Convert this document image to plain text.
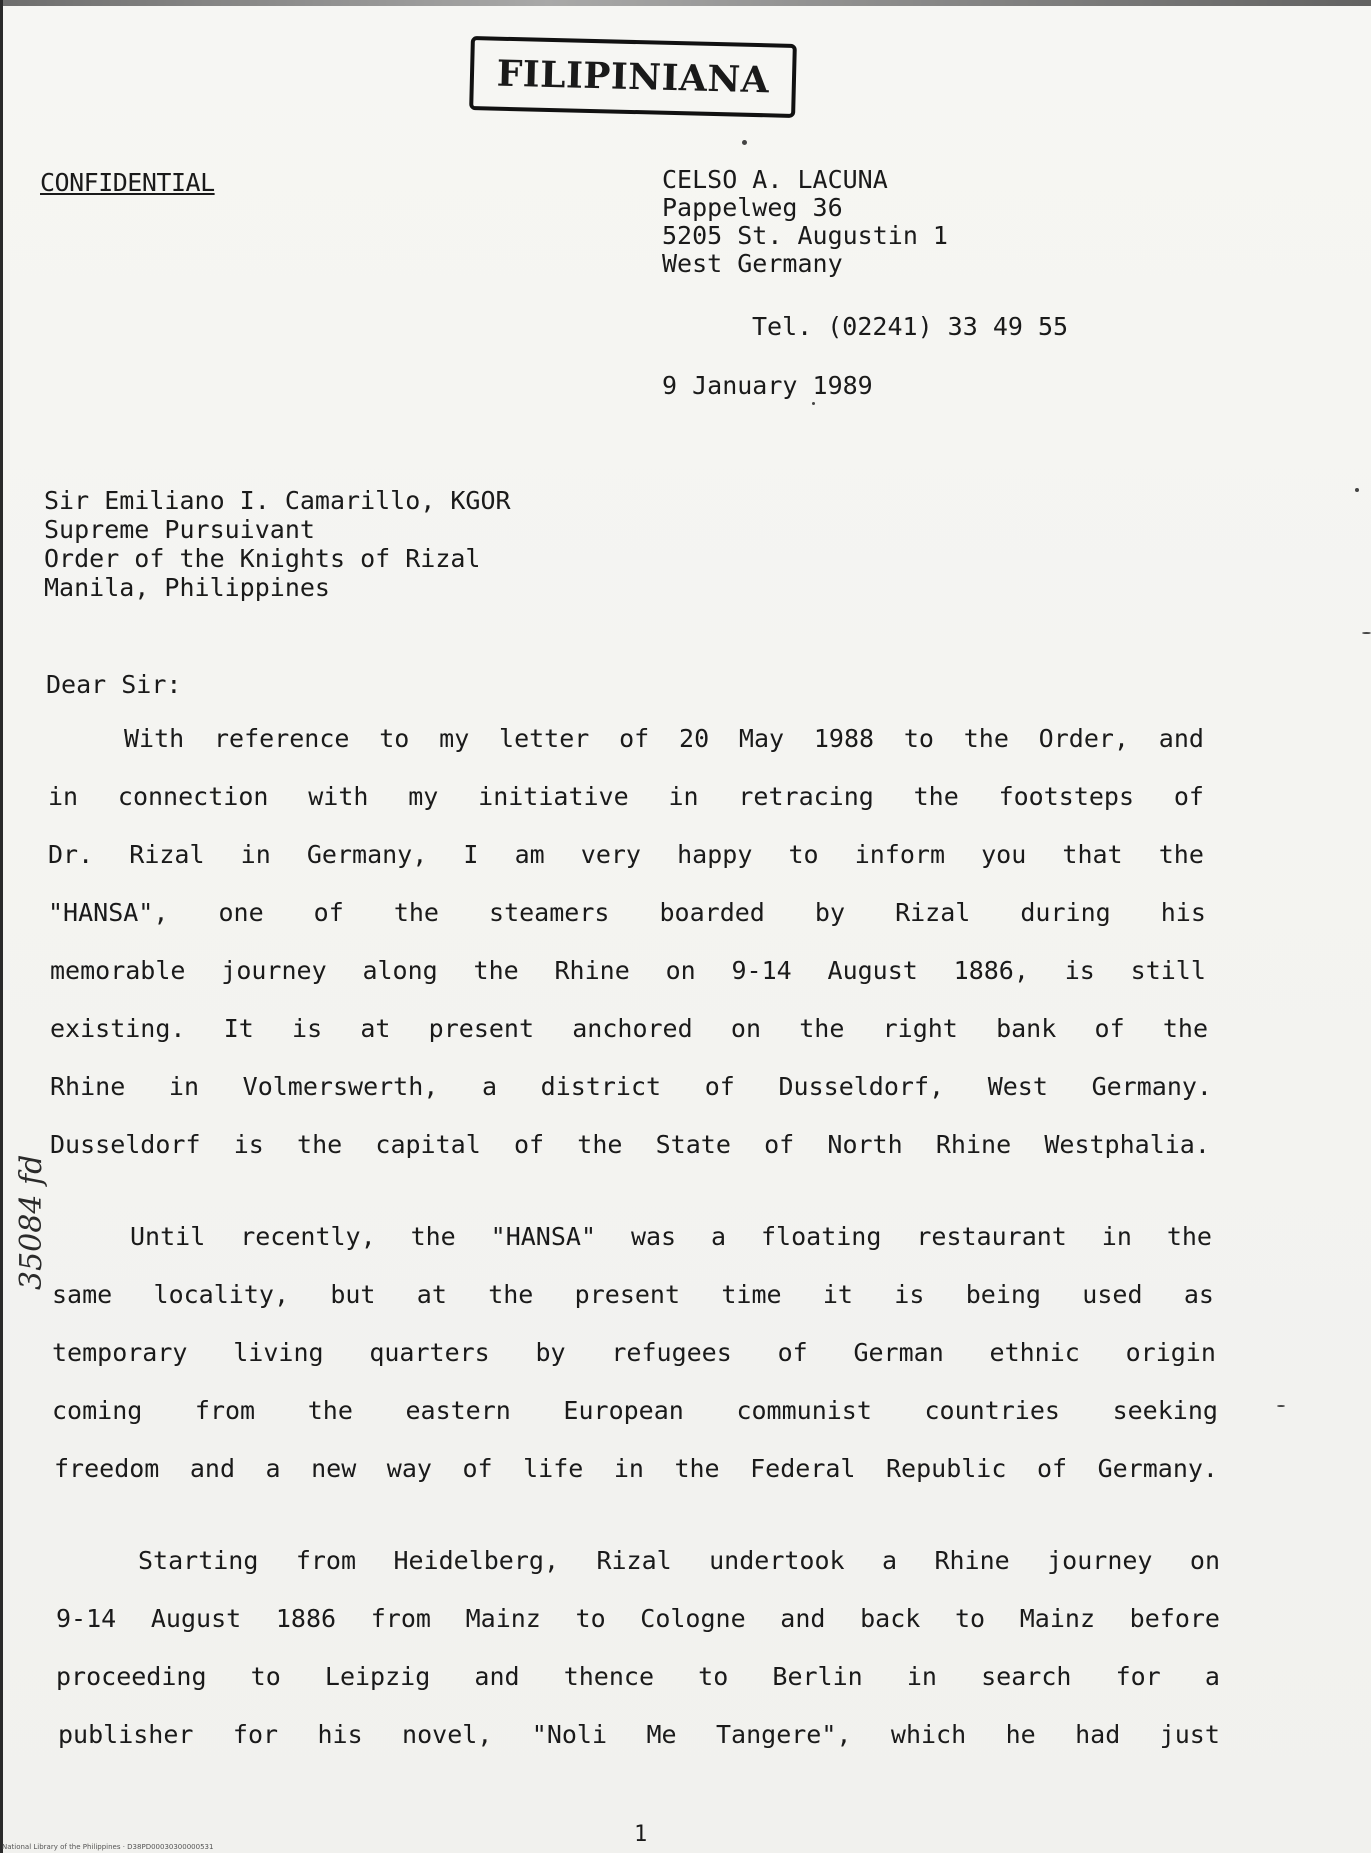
FILIPINIANA
CONFIDENTIAL	CELSO A. LACUNA
Pappelweg 36
5205 St. Augustin 1
West Germany
Tel. (02241) 33 49 55
9 January 1989
Sir Emiliano I. Camarillo, KGOR
Supreme Pursuivant
Order of the Knights of Rizal
Manila, Philippines
Dear Sir:
With reference to my letter of 20 May 1988 to the Order, and
in connection with my initiative in retracing the footsteps of
Dr. Rizal in Germany, I am very happy to inform you that the
"HANSA", one of the steamers boarded by Rizal during his
memorable journey along the Rhine on 9-14 August 1886, is still
existing. It is at present anchored on the right bank of the
Rhine in Volmerswerth, a district of Dusseldorf, West Germany.
Dusseldorf is the capital of the State of North Rhine Westphalia.
Until recently, the "HANSA" was a floating restaurant in the
same locality, but at the present time it is being used as
temporary living quarters by refugees of German ethnic origin
coming from the eastern European communist countries seeking
freedom and a new way of life in the Federal Republic of Germany.
Starting from Heidelberg, Rizal undertook a Rhine journey on
9-14 August 1886 from Mainz to Cologne and back to Mainz before
proceeding to Leipzig and thence to Berlin in search for a
publisher for his novel, "Noli Me Tangere", which he had just
35084 fd
1
National Library of the Philippines · D38PD00030300000531
